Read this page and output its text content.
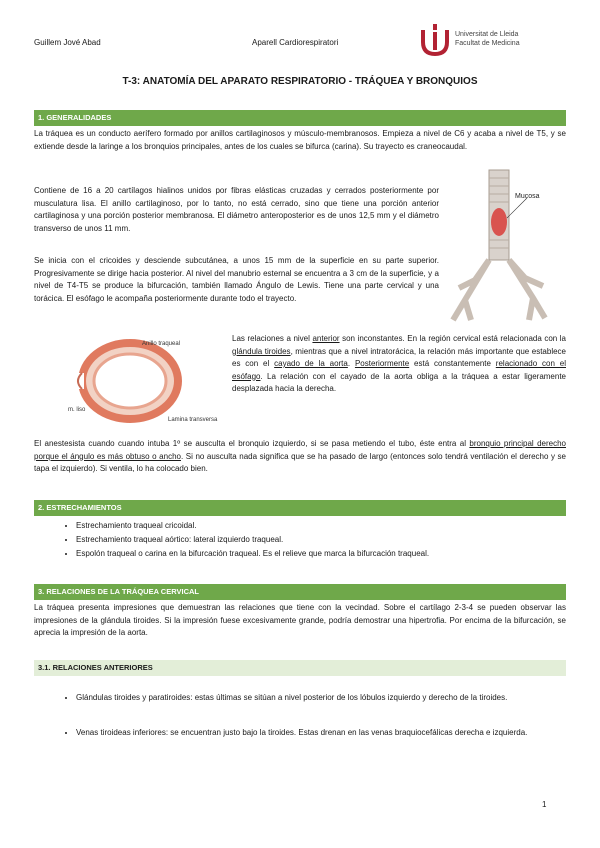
Guillem Jové Abad	Aparell Cardiorespiratori
Universitat de Lleida
Facultat de Medicina
T-3: ANATOMÍA DEL APARATO RESPIRATORIO - TRÁQUEA Y BRONQUIOS
1. GENERALIDADES

La tráquea es un conducto aerífero formado por anillos cartilaginosos y músculo-membranosos. Empieza a nivel de C6 y acaba a nivel de T5, y se extiende desde la laringe a los bronquios principales, antes de los cuales se bifurca (carina). Su trayecto es craneocaudal.

Contiene de 16 a 20 cartílagos hialinos unidos por fibras elásticas cruzadas y cerrados posteriormente por musculatura lisa. El anillo cartilaginoso, por lo tanto, no está cerrado, sino que tiene una porción anterior cartilaginosa y una porción posterior membranosa. El diámetro anteroposterior es de unos 12,5 mm y el diámetro transverso de unos 11 mm.

Se inicia con el cricoides y desciende subcutánea, a unos 15 mm de la superficie en su parte superior. Progresivamente se dirige hacia posterior. Al nivel del manubrio esternal se encuentra a 3 cm de la superficie, y a nivel de T4-T5 se produce la bifurcación, también llamado Ángulo de Lewis. Tiene una parte cervical y una torácica. El esófago le acompaña posteriormente durante todo el trayecto.

Mucosa
Anillo traqueal
m. liso
Lamina transversa

Las relaciones a nivel anterior son inconstantes. En la región cervical está relacionada con la glándula tiroides, mientras que a nivel intratorácica, la relación más importante que establece es con el cayado de la aorta. Posteriormente está constantemente relacionado con el esófago. La relación con el cayado de la aorta obliga a la tráquea a estar ligeramente desplazada hacia la derecha.

El anestesista cuando cuando intuba 1º se ausculta el bronquio izquierdo, si se pasa metiendo el tubo, éste entra al bronquio principal derecho porque el ángulo es más obtuso o ancho. Si no ausculta nada significa que se ha pasado de largo (entonces solo tendrá ventilación el derecho y se tapa el izquierdo). Si ventila, lo ha colocado bien.

2. ESTRECHAMIENTOS
• Estrechamiento traqueal cricoidal.
• Estrechamiento traqueal aórtico: lateral izquierdo traqueal.
• Espolón traqueal o carina en la bifurcación traqueal. Es el relieve que marca la bifurcación traqueal.
3. RELACIONES DE LA TRÁQUEA CERVICAL

La tráquea presenta impresiones que demuestran las relaciones que tiene con la vecindad. Sobre el cartílago 2-3-4 se pueden observar las impresiones de la glándula tiroides. Si la impresión fuese excesivamente grande, podría demostrar una hipertrofia. Por encima de la bifurcación, se aprecia la impresión de la aorta.

3.1. RELACIONES ANTERIORES
• Glándulas tiroides y paratiroides: estas últimas se sitúan a nivel posterior de los lóbulos izquierdo y derecho de la tiroides.
• Venas tiroideas inferiores: se encuentran justo bajo la tiroides. Estas drenan en las venas braquiocefálicas derecha e izquierda.
1
